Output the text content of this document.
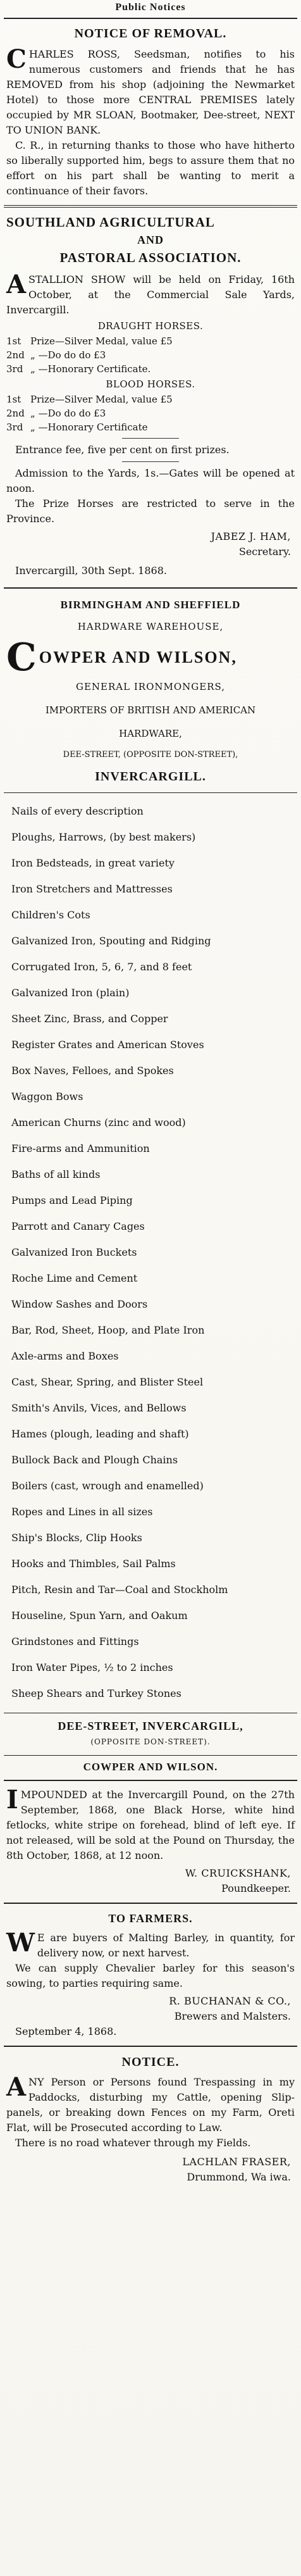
Public Notices
NOTICE OF REMOVAL.
CHARLES ROSS, Seedsman, notifies to his numerous customers and friends that he has REMOVED from his shop (adjoining the Newmarket Hotel) to those more CENTRAL PREMISES lately occupied by MR SLOAN, Bootmaker, Dee-street, NEXT TO UNION BANK.
C. R., in returning thanks to those who have hitherto so liberally supported him, begs to assure them that no effort on his part shall be wanting to merit a continuance of their favors.
SOUTHLAND AGRICULTURAL
AND
PASTORAL ASSOCIATION.
ASTALLION SHOW will be held on Friday, 16th October, at the Commercial Sale Yards, Invercargill.
DRAUGHT HORSES.
1st Prize—Silver Medal, value £5
2nd „ —Do do do £3
3rd „ —Honorary Certificate.
BLOOD HORSES.
1st Prize—Silver Medal, value £5
2nd „ —Do do do £3
3rd „ —Honorary Certificate
Entrance fee, five per cent on first prizes.
Admission to the Yards, 1s.—Gates will be opened at noon.
The Prize Horses are restricted to serve in the Province.
JABEZ J. HAM,
Secretary.
Invercargill, 30th Sept. 1868.
BIRMINGHAM AND SHEFFIELD
HARDWARE WAREHOUSE,
C OWPER AND WILSON,
GENERAL IRONMONGERS,
IMPORTERS OF BRITISH AND AMERICAN
HARDWARE,
DEE-STREET, (OPPOSITE DON-STREET),
INVERCARGILL.
Nails of every description
Ploughs, Harrows, (by best makers)
Iron Bedsteads, in great variety
Iron Stretchers and Mattresses
Children's Cots
Galvanized Iron, Spouting and Ridging
Corrugated Iron, 5, 6, 7, and 8 feet
Galvanized Iron (plain)
Sheet Zinc, Brass, and Copper
Register Grates and American Stoves
Box Naves, Felloes, and Spokes
Waggon Bows
American Churns (zinc and wood)
Fire-arms and Ammunition
Baths of all kinds
Pumps and Lead Piping
Parrott and Canary Cages
Galvanized Iron Buckets
Roche Lime and Cement
Window Sashes and Doors
Bar, Rod, Sheet, Hoop, and Plate Iron
Axle-arms and Boxes
Cast, Shear, Spring, and Blister Steel
Smith's Anvils, Vices, and Bellows
Hames (plough, leading and shaft)
Bullock Back and Plough Chains
Boilers (cast, wrough and enamelled)
Ropes and Lines in all sizes
Ship's Blocks, Clip Hooks
Hooks and Thimbles, Sail Palms
Pitch, Resin and Tar—Coal and Stockholm
Houseline, Spun Yarn, and Oakum
Grindstones and Fittings
Iron Water Pipes, ½ to 2 inches
Sheep Shears and Turkey Stones
DEE-STREET, INVERCARGILL,
(OPPOSITE DON-STREET).
COWPER AND WILSON.
IMPOUNDED at the Invercargill Pound, on the 27th September, 1868, one Black Horse, white hind fetlocks, white stripe on forehead, blind of left eye. If not released, will be sold at the Pound on Thursday, the 8th October, 1868, at 12 noon.
W. CRUICKSHANK,
Poundkeeper.
TO FARMERS.
W E are buyers of Malting Barley, in quantity, for delivery now, or next harvest.
We can supply Chevalier barley for this season's sowing, to parties requiring same.
R. BUCHANAN & CO.,
Brewers and Malsters.
September 4, 1868.
NOTICE.
ANY Person or Persons found Trespassing in my Paddocks, disturbing my Cattle, opening Slip-panels, or breaking down Fences on my Farm, Oreti Flat, will be Prosecuted according to Law.
There is no road whatever through my Fields.
LACHLAN FRASER,
Drummond, Wa iwa.
